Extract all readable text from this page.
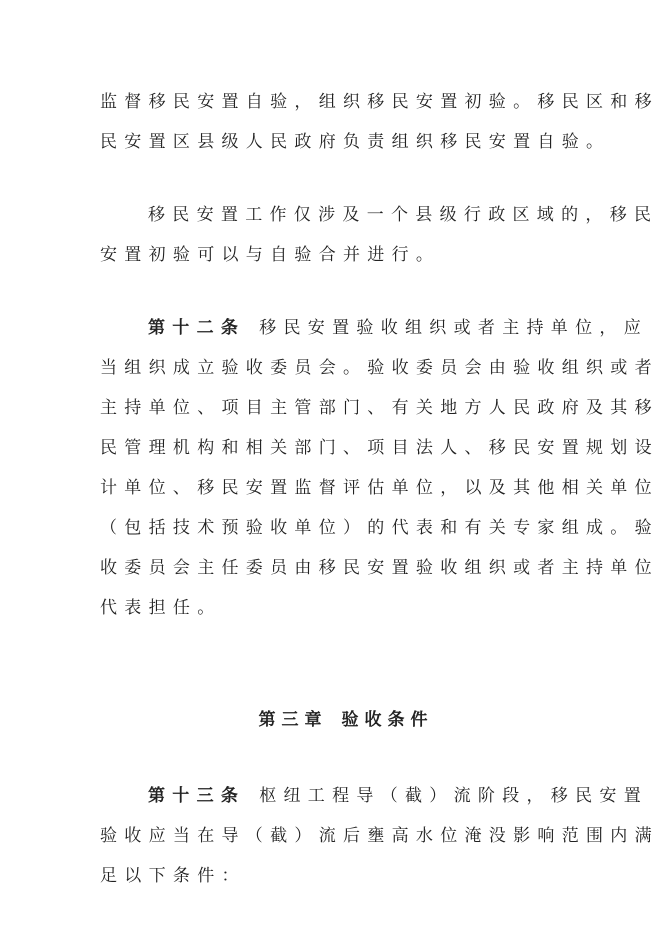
监督移民安置自验，组织移民安置初验。移民区和移
民安置区县级人民政府负责组织移民安置自验。
移民安置工作仅涉及一个县级行政区域的，移民
安置初验可以与自验合并进行。
第十二条 移民安置验收组织或者主持单位，应
当组织成立验收委员会。验收委员会由验收组织或者
主持单位、项目主管部门、有关地方人民政府及其移
民管理机构和相关部门、项目法人、移民安置规划设
计单位、移民安置监督评估单位，以及其他相关单位
（包括技术预验收单位）的代表和有关专家组成。验
收委员会主任委员由移民安置验收组织或者主持单位
代表担任。
第三章 验收条件
第十三条 枢纽工程导（截）流阶段，移民安置
验收应当在导（截）流后壅高水位淹没影响范围内满
足以下条件：
